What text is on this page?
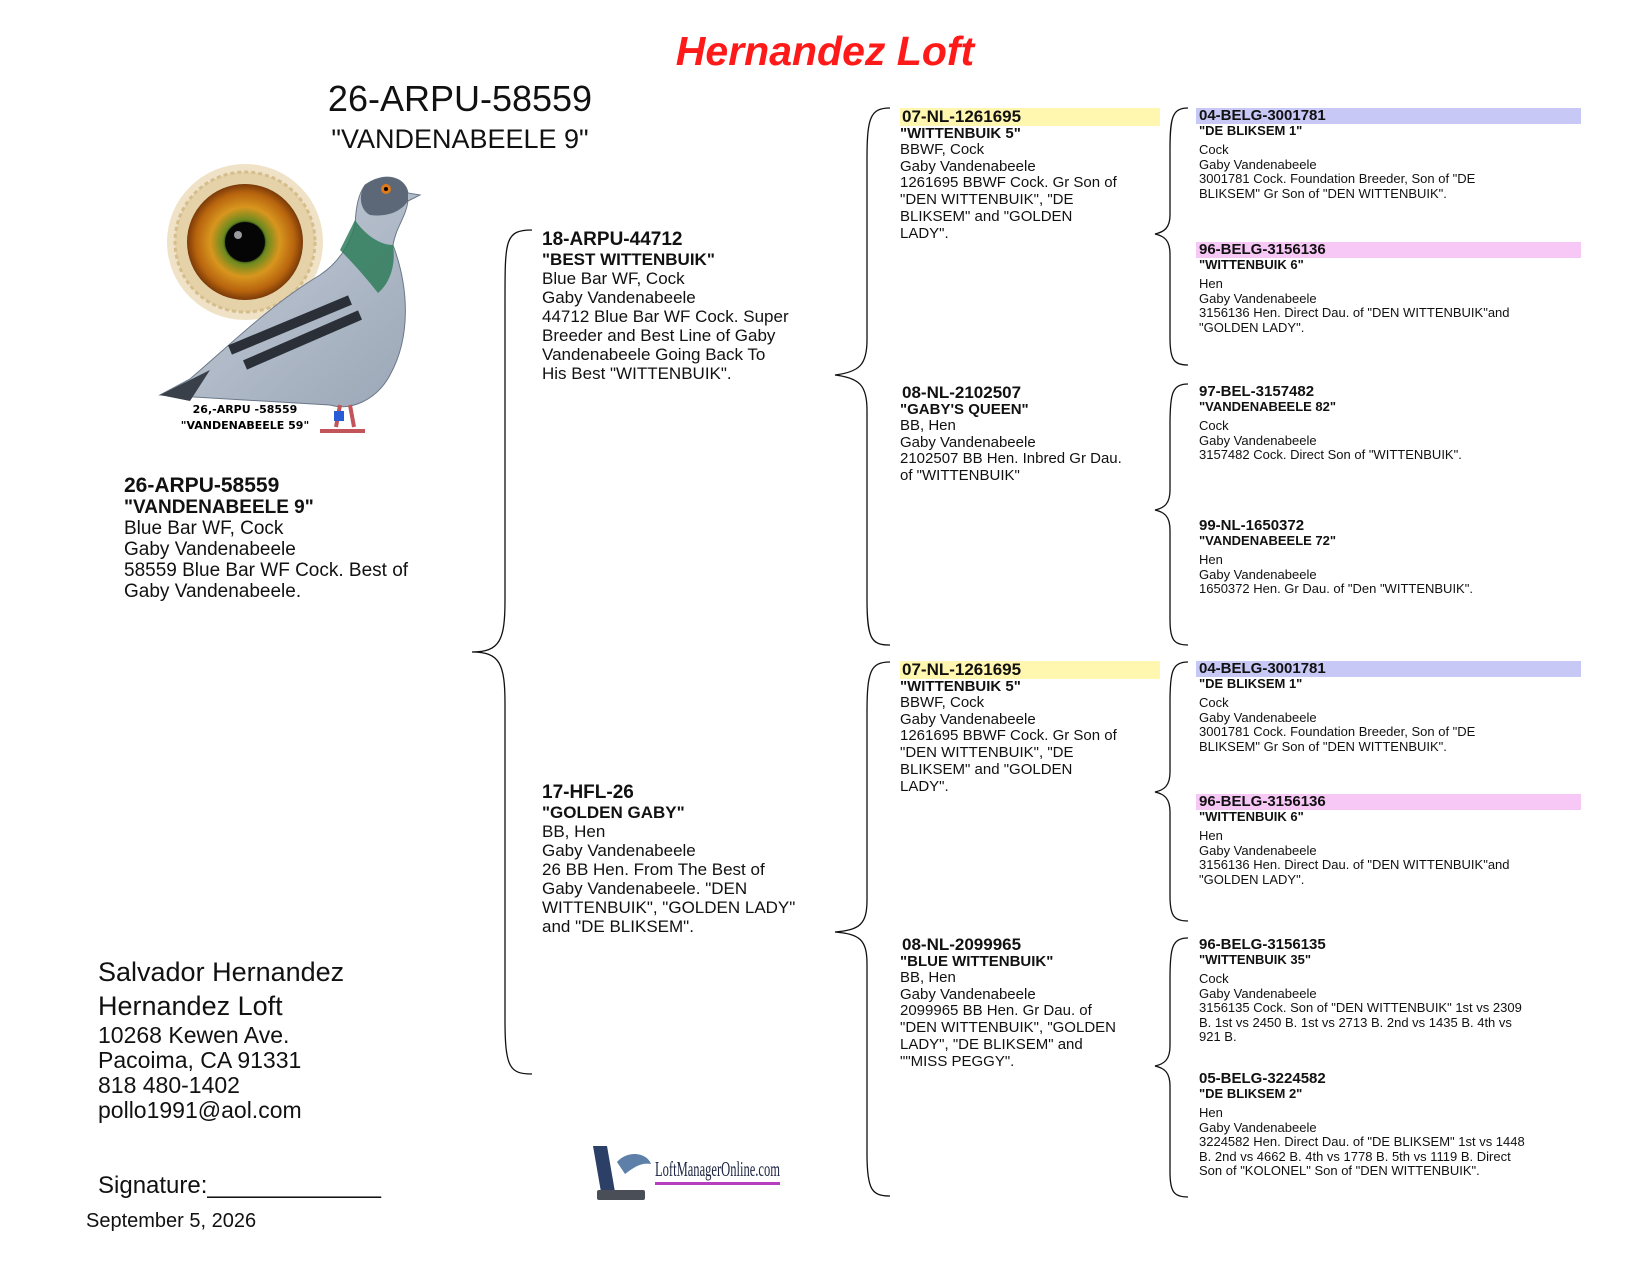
Hernandez Loft
26-ARPU-58559
"VANDENABEELE 9"
26,-ARPU -58559
"VANDENABEELE 59"
26-ARPU-58559
"VANDENABEELE 9"
Blue Bar WF, Cock
Gaby Vandenabeele
58559 Blue Bar WF Cock. Best of
Gaby Vandenabeele.
18-ARPU-44712
"BEST WITTENBUIK"
Blue Bar WF, Cock
Gaby Vandenabeele
44712 Blue Bar WF Cock. Super
Breeder and Best Line of Gaby
Vandenabeele Going Back To
His Best "WITTENBUIK".
17-HFL-26
"GOLDEN GABY"
BB, Hen
Gaby Vandenabeele
26 BB Hen. From The Best of
Gaby Vandenabeele. "DEN
WITTENBUIK", "GOLDEN LADY"
and "DE BLIKSEM".
07-NL-1261695
"WITTENBUIK 5"
BBWF, Cock
Gaby Vandenabeele
1261695 BBWF Cock. Gr Son of
"DEN WITTENBUIK", "DE
BLIKSEM" and "GOLDEN
LADY".
08-NL-2102507
"GABY'S QUEEN"
BB, Hen
Gaby Vandenabeele
2102507 BB Hen. Inbred Gr Dau.
of "WITTENBUIK"
07-NL-1261695
"WITTENBUIK 5"
BBWF, Cock
Gaby Vandenabeele
1261695 BBWF Cock. Gr Son of
"DEN WITTENBUIK", "DE
BLIKSEM" and "GOLDEN
LADY".
08-NL-2099965
"BLUE WITTENBUIK"
BB, Hen
Gaby Vandenabeele
2099965 BB Hen. Gr Dau. of
"DEN WITTENBUIK", "GOLDEN
LADY", "DE BLIKSEM" and
""MISS PEGGY".
04-BELG-3001781
"DE BLIKSEM 1"
Cock
Gaby Vandenabeele
3001781 Cock. Foundation Breeder, Son of "DE
BLIKSEM" Gr Son of "DEN WITTENBUIK".
96-BELG-3156136
"WITTENBUIK 6"
Hen
Gaby Vandenabeele
3156136 Hen. Direct Dau. of "DEN WITTENBUIK"and
"GOLDEN LADY".
97-BEL-3157482
"VANDENABEELE 82"
Cock
Gaby Vandenabeele
3157482 Cock. Direct Son of "WITTENBUIK".
99-NL-1650372
"VANDENABEELE 72"
Hen
Gaby Vandenabeele
1650372 Hen. Gr Dau. of "Den "WITTENBUIK".
04-BELG-3001781
"DE BLIKSEM 1"
Cock
Gaby Vandenabeele
3001781 Cock. Foundation Breeder, Son of "DE
BLIKSEM" Gr Son of "DEN WITTENBUIK".
96-BELG-3156136
"WITTENBUIK 6"
Hen
Gaby Vandenabeele
3156136 Hen. Direct Dau. of "DEN WITTENBUIK"and
"GOLDEN LADY".
96-BELG-3156135
"WITTENBUIK 35"
Cock
Gaby Vandenabeele
3156135 Cock. Son of "DEN WITTENBUIK" 1st vs 2309
B. 1st vs 2450 B. 1st vs 2713 B. 2nd vs 1435 B. 4th vs
921 B.
05-BELG-3224582
"DE BLIKSEM 2"
Hen
Gaby Vandenabeele
3224582 Hen. Direct Dau. of "DE BLIKSEM" 1st vs 1448
B. 2nd vs 4662 B. 4th vs 1778 B. 5th vs 1119 B. Direct
Son of "KOLONEL" Son of "DEN WITTENBUIK".
Salvador Hernandez
Hernandez Loft
10268 Kewen Ave.
Pacoima, CA 91331
818 480-1402
pollo1991@aol.com
Signature:_____________
September 5, 2026
LoftManagerOnline.com
